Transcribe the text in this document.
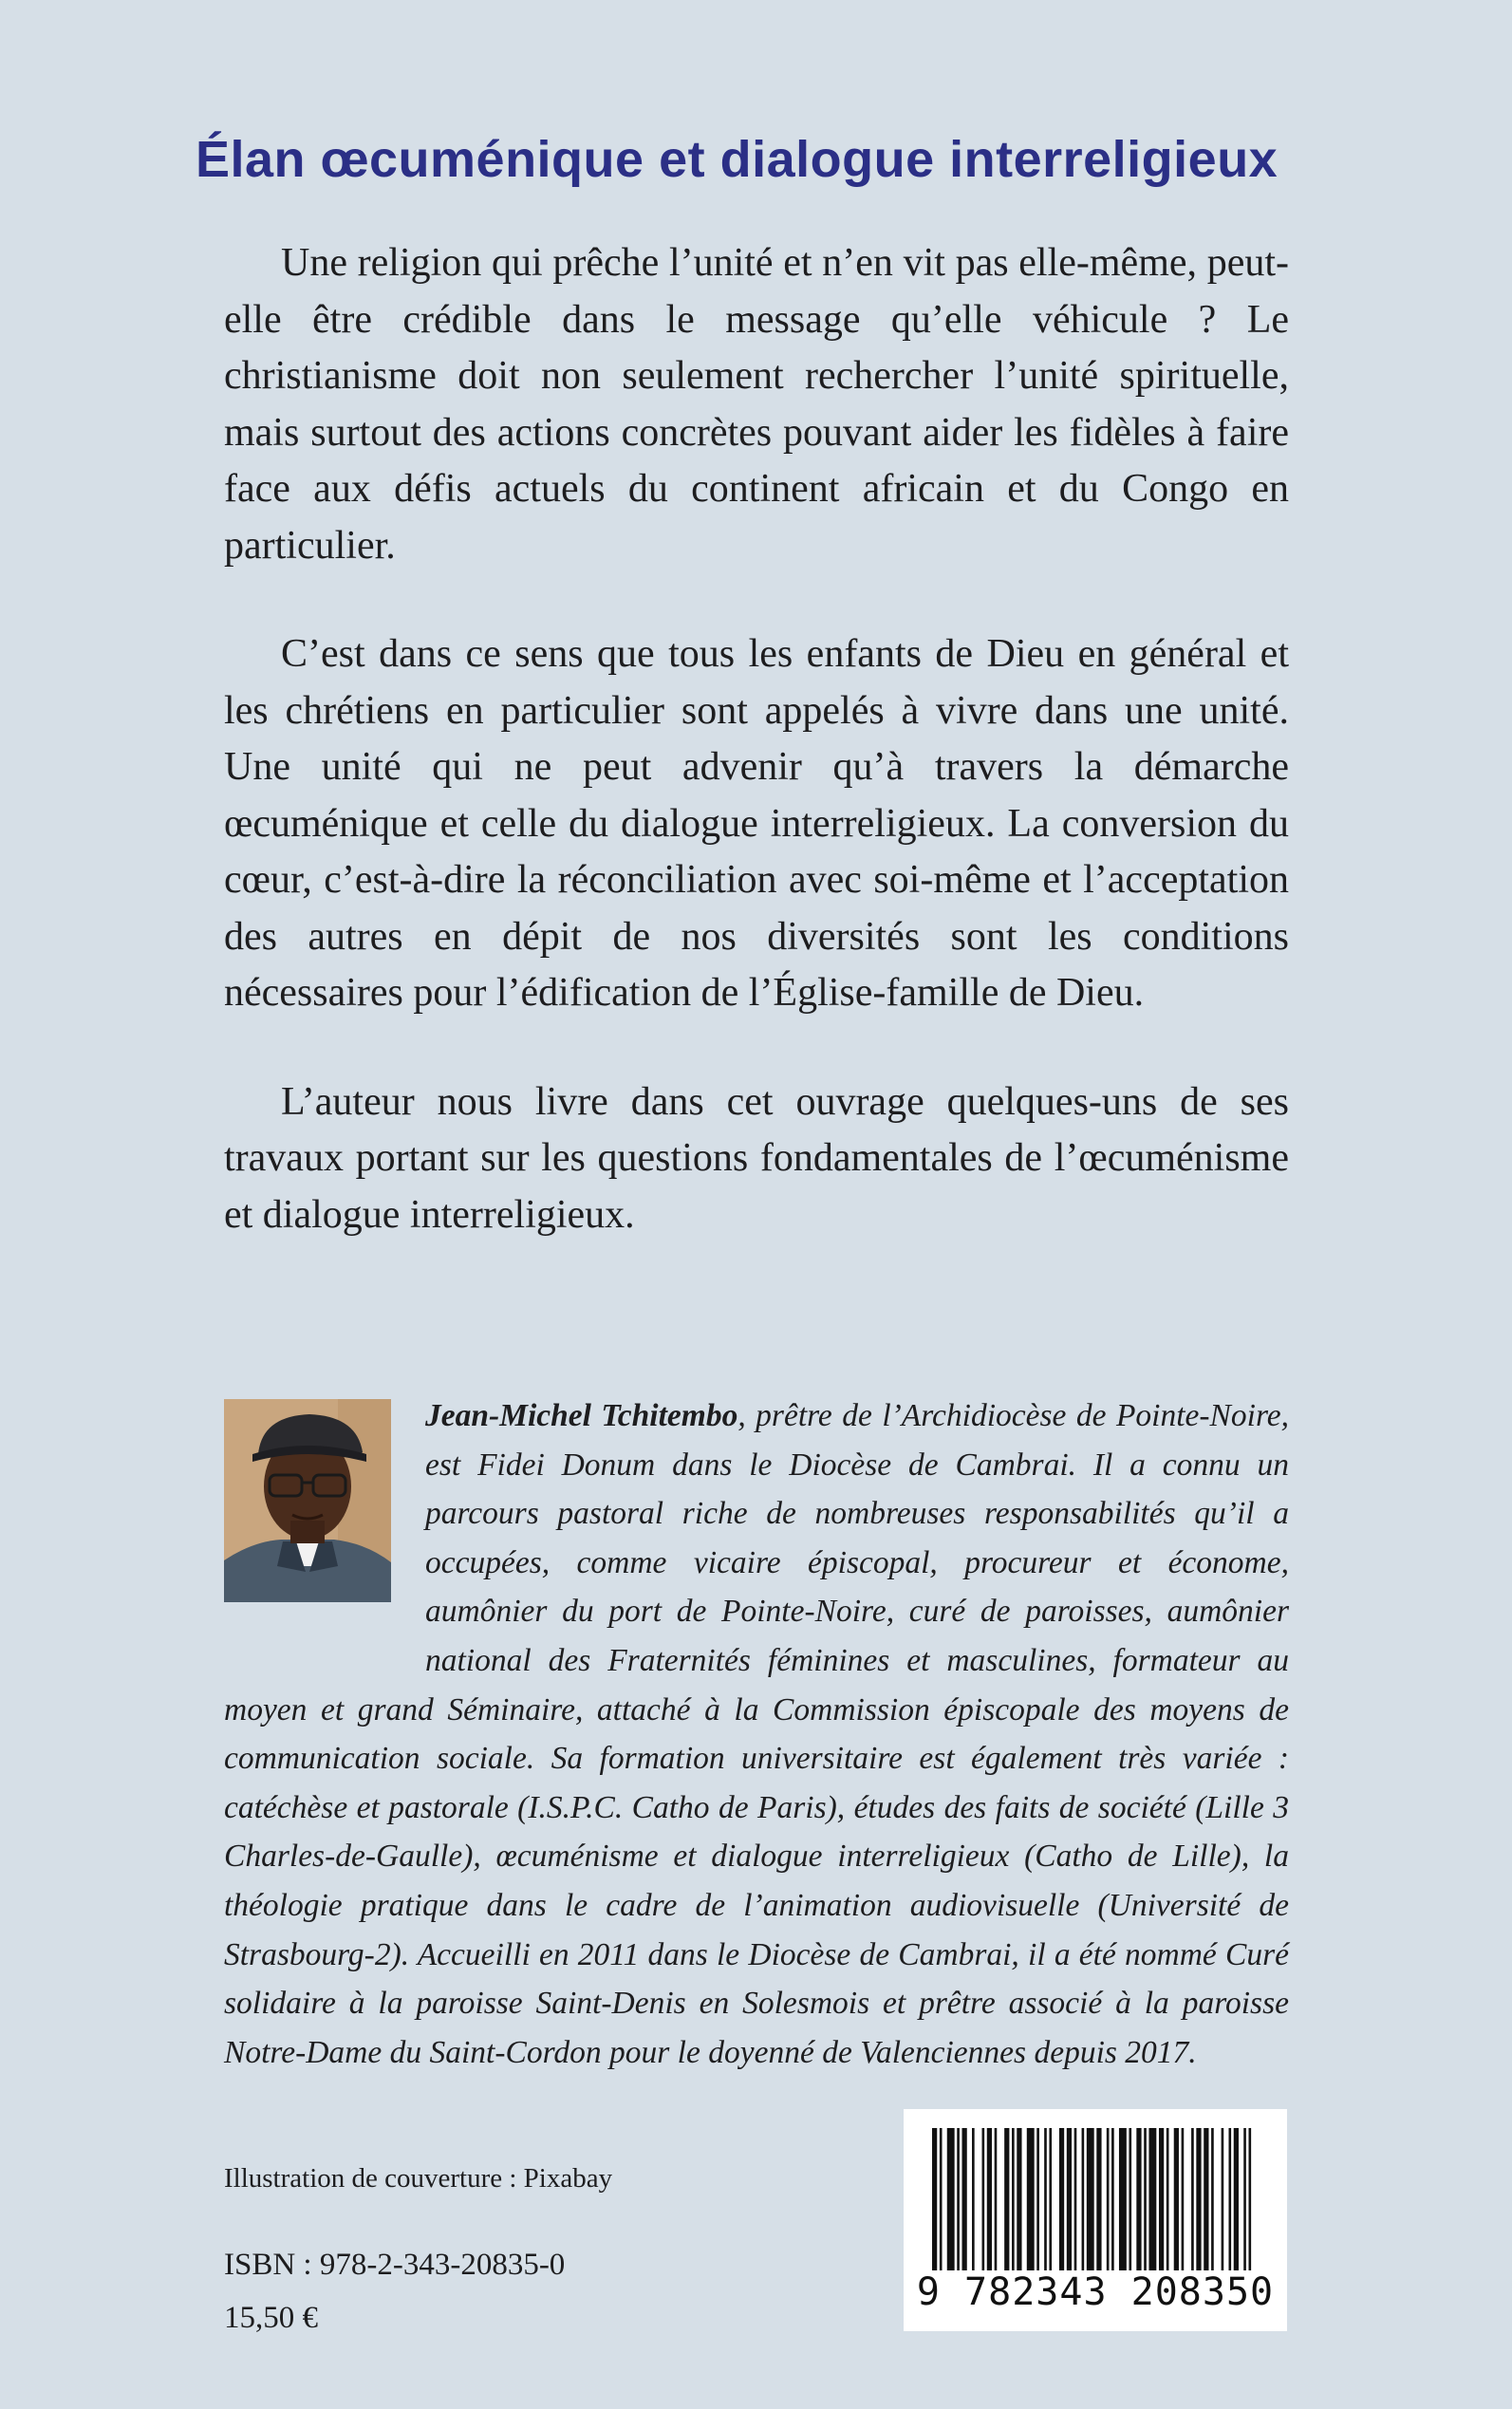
Élan œcuménique et dialogue interreligieux

Une religion qui prêche l’unité et n’en vit pas elle-même, peut-elle être crédible dans le message qu’elle véhicule ? Le christianisme doit non seulement rechercher l’unité spirituelle, mais surtout des actions concrètes pouvant aider les fidèles à faire face aux défis actuels du continent africain et du Congo en particulier.

C’est dans ce sens que tous les enfants de Dieu en général et les chrétiens en particulier sont appelés à vivre dans une unité. Une unité qui ne peut advenir qu’à travers la démarche œcuménique et celle du dialogue interreligieux. La conversion du cœur, c’est-à-dire la réconciliation avec soi-même et l’acceptation des autres en dépit de nos diversités sont les conditions nécessaires pour l’édification de l’Église-famille de Dieu.

L’auteur nous livre dans cet ouvrage quelques-uns de ses travaux portant sur les questions fondamentales de l’œcuménisme et dialogue interreligieux.

Jean-Michel Tchitembo, prêtre de l’Archidiocèse de Pointe-Noire, est Fidei Donum dans le Diocèse de Cambrai. Il a connu un parcours pastoral riche de nombreuses responsabilités qu’il a occupées, comme vicaire épiscopal, procureur et économe, aumônier du port de Pointe-Noire, curé de paroisses, aumônier national des Fraternités féminines et masculines, formateur au moyen et grand Séminaire, attaché à la Commission épiscopale des moyens de communication sociale. Sa formation universitaire est également très variée : catéchèse et pastorale (I.S.P.C. Catho de Paris), études des faits de société (Lille 3 Charles-de-Gaulle), œcuménisme et dialogue interreligieux (Catho de Lille), la théologie pratique dans le cadre de l’animation audiovisuelle (Université de Strasbourg-2). Accueilli en 2011 dans le Diocèse de Cambrai, il a été nommé Curé solidaire à la paroisse Saint-Denis en Solesmois et prêtre associé à la paroisse Notre-Dame du Saint-Cordon pour le doyenné de Valenciennes depuis 2017.

Illustration de couverture : Pixabay

ISBN : 978-2-343-20835-0

15,50 €

9 782343 208350
